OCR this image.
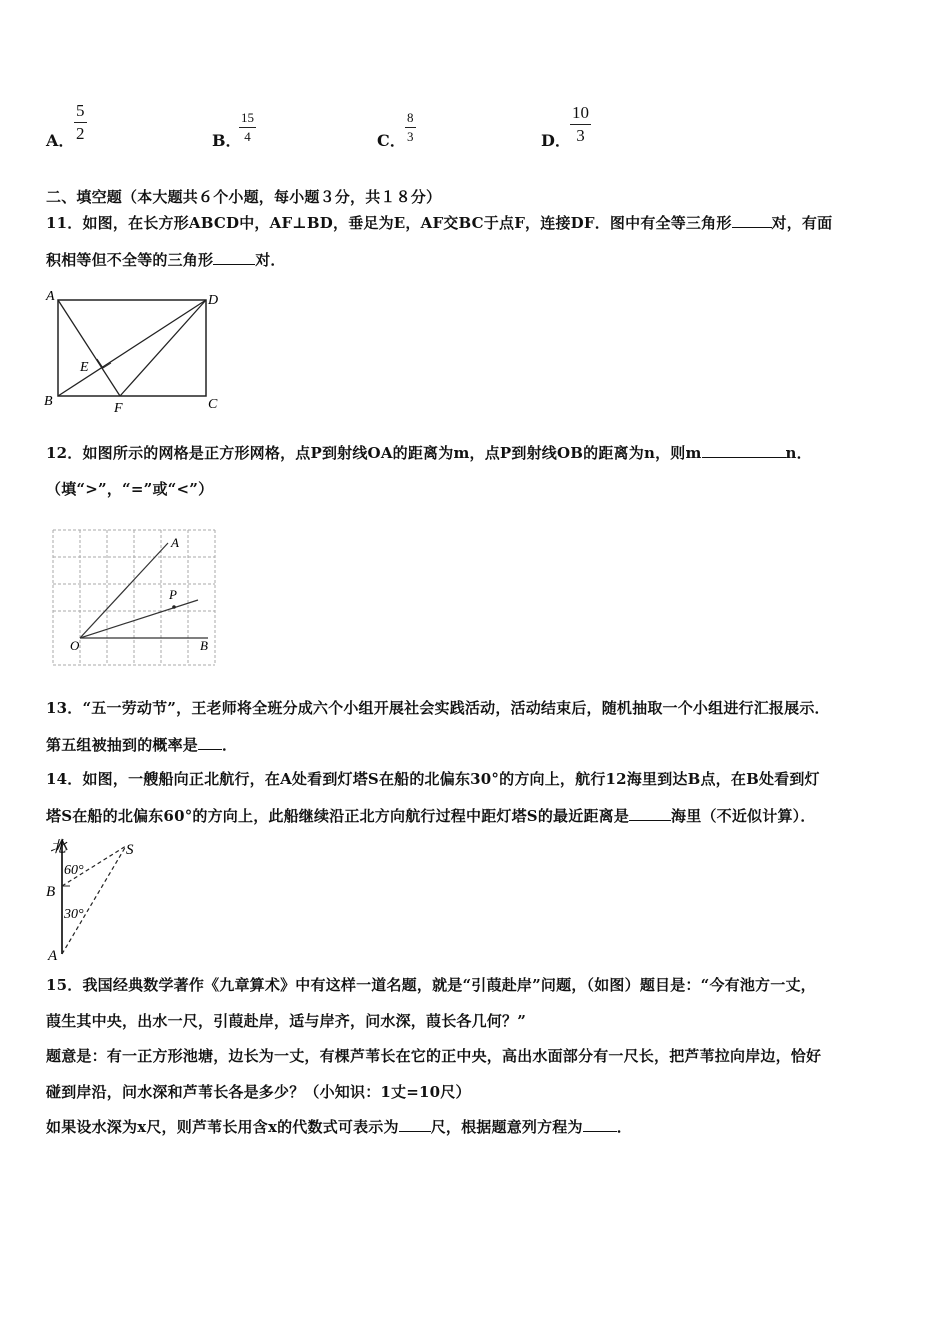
A． $\frac{5}{2}$	B．
$\frac{15}{4}$	C． $\frac{8}{3}$	D． $\frac{10}{3}$
二、填空题（本大题共６个小题，每小题３分，共１８分）
11．如图，在长方形ABCD中，AF⊥BD，垂足为E，AF交BC于点F，连接DF．图中有全等三角形	对，有面
积相等但不全等的三角形	对．
A	D
B	C
E
F
12．如图所示的网格是正方形网格，点P到射线OA的距离为m，点P到射线OB的距离为n，则m	n．
（填“>”，“=”或“<”）
A
P
O	B
13．“五一劳动节”，王老师将全班分成六个小组开展社会实践活动，活动结束后，随机抽取一个小组进行汇报展示．
第五组被抽到的概率是 ．
14．如图，一艘船向正北航行，在A处看到灯塔S在船的北偏东30°的方向上，航行12海里到达B点，在B处看到灯
塔S在船的北偏东60°的方向上，此船继续沿正北方向航行过程中距灯塔S的最近距离是	海里（不近似计算）．
北
60°
30°
S
B
A
15．我国经典数学著作《九章算术》中有这样一道名题，就是“引葭赴岸”问题，（如图）题目是：“今有池方一丈，
葭生其中央，出水一尺，引葭赴岸，适与岸齐，问水深，葭长各几何？”
题意是：有一正方形池塘，边长为一丈，有棵芦苇长在它的正中央，高出水面部分有一尺长，把芦苇拉向岸边，恰好
碰到岸沿，问水深和芦苇长各是多少？（小知识：1丈=10尺）
如果设水深为x尺，则芦苇长用含x的代数式可表示为 尺，根据题意列方程为 ．
